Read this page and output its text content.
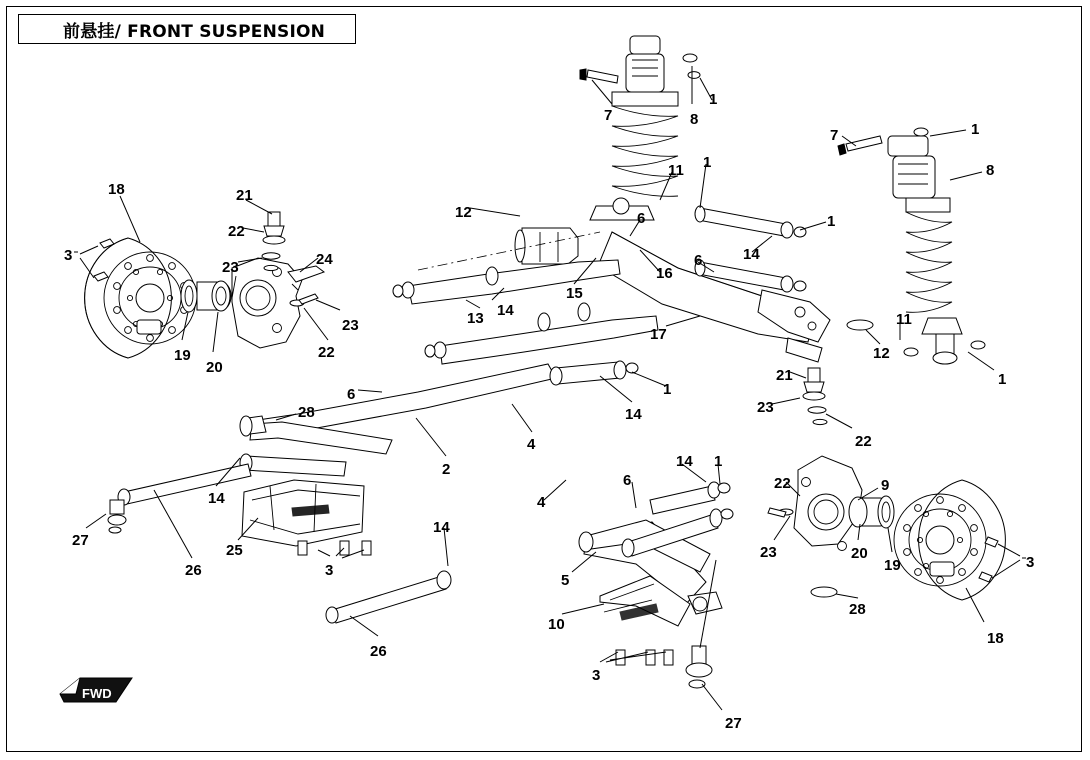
FWD
前悬挂/ FRONT SUSPENSION
18	21
22
23	24
3
19
20
23
22
7	8
1
12
11 1
6	1
14
6
16
15
13 14
17
7	1
8
11
12
1
21
23
22
6	1
14
4
2
28
14
27
26
25
3
14 1
6	22	9
23	20
19	3
28
18
14
4
5
10
26
3
27
